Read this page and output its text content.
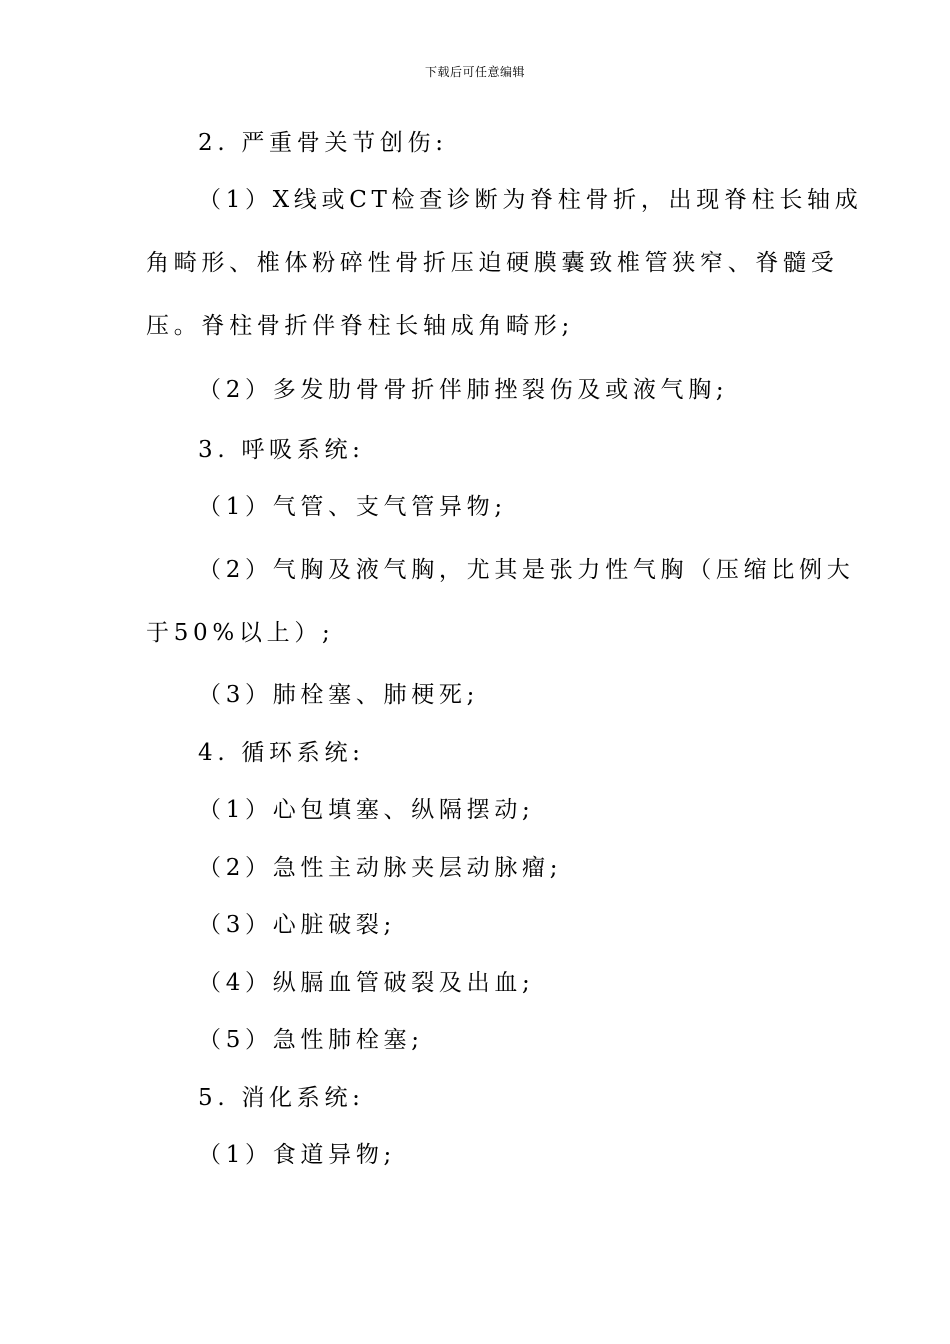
下载后可任意编辑
2. 严重骨关节创伤:
（1）X线或CT检查诊断为脊柱骨折，出现脊柱长轴成
角畸形、椎体粉碎性骨折压迫硬膜囊致椎管狭窄、脊髓受
压。脊柱骨折伴脊柱长轴成角畸形;
（2）多发肋骨骨折伴肺挫裂伤及或液气胸;
3. 呼吸系统:
（1）气管、支气管异物;
（2）气胸及液气胸，尤其是张力性气胸（压缩比例大
于50%以上）;
（3）肺栓塞、肺梗死;
4. 循环系统:
（1）心包填塞、纵隔摆动;
（2）急性主动脉夹层动脉瘤;
（3）心脏破裂;
（4）纵膈血管破裂及出血;
（5）急性肺栓塞;
5. 消化系统:
（1）食道异物;
